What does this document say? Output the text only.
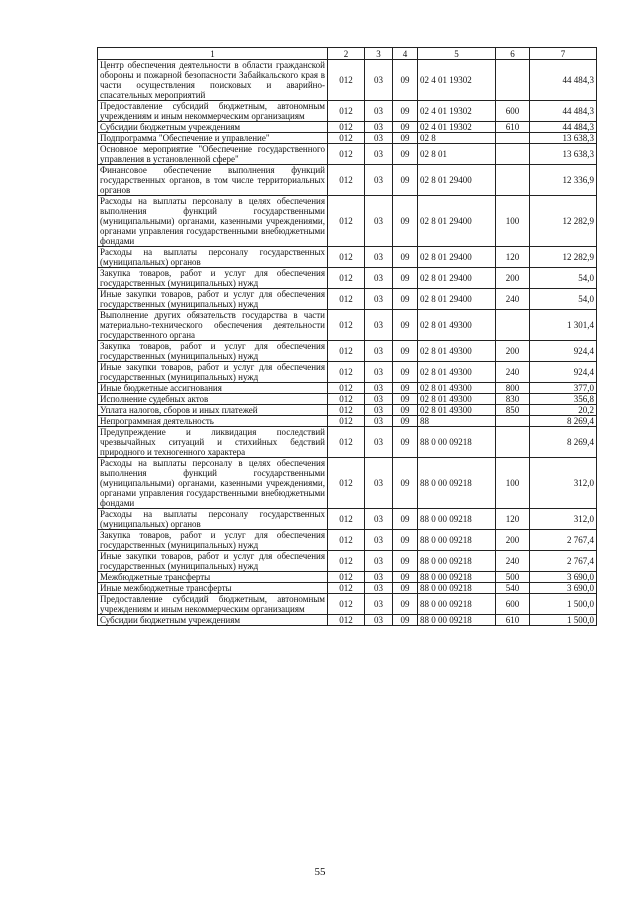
1	2	3	4	5	6	7
Центр обеспечения деятельности в области гражданской обороны и пожарной безопасности Забайкальского края в части осуществления поисковых и аварийно-спасательных мероприятий	012	03	09	02 4 01 19302		44 484,3
Предоставление субсидий бюджетным, автономным учреждениям и иным некоммерческим организациям	012	03	09	02 4 01 19302	600	44 484,3
Субсидии бюджетным учреждениям	012	03	09	02 4 01 19302	610	44 484,3
Подпрограмма "Обеспечение и управление"	012	03	09	02 8		13 638,3
Основное мероприятие "Обеспечение государственного управления в установленной сфере"	012	03	09	02 8 01		13 638,3
Финансовое обеспечение выполнения функций государственных органов, в том числе территориальных органов	012	03	09	02 8 01 29400		12 336,9
Расходы на выплаты персоналу в целях обеспечения выполнения функций государственными (муниципальными) органами, казенными учреждениями, органами управления государственными внебюджетными фондами	012	03	09	02 8 01 29400	100	12 282,9
Расходы на выплаты персоналу государственных (муниципальных) органов	012	03	09	02 8 01 29400	120	12 282,9
Закупка товаров, работ и услуг для обеспечения государственных (муниципальных) нужд	012	03	09	02 8 01 29400	200	54,0
Иные закупки товаров, работ и услуг для обеспечения государственных (муниципальных) нужд	012	03	09	02 8 01 29400	240	54,0
Выполнение других обязательств государства в части материально-технического обеспечения деятельности государственного органа	012	03	09	02 8 01 49300		1 301,4
Закупка товаров, работ и услуг для обеспечения государственных (муниципальных) нужд	012	03	09	02 8 01 49300	200	924,4
Иные закупки товаров, работ и услуг для обеспечения государственных (муниципальных) нужд	012	03	09	02 8 01 49300	240	924,4
Иные бюджетные ассигнования	012	03	09	02 8 01 49300	800	377,0
Исполнение судебных актов	012	03	09	02 8 01 49300	830	356,8
Уплата налогов, сборов и иных платежей	012	03	09	02 8 01 49300	850	20,2
Непрограммная деятельность	012	03	09	88		8 269,4
Предупреждение и ликвидация последствий чрезвычайных ситуаций и стихийных бедствий природного и техногенного характера	012	03	09	88 0 00 09218		8 269,4
Расходы на выплаты персоналу в целях обеспечения выполнения функций государственными (муниципальными) органами, казенными учреждениями, органами управления государственными внебюджетными фондами	012	03	09	88 0 00 09218	100	312,0
Расходы на выплаты персоналу государственных (муниципальных) органов	012	03	09	88 0 00 09218	120	312,0
Закупка товаров, работ и услуг для обеспечения государственных (муниципальных) нужд	012	03	09	88 0 00 09218	200	2 767,4
Иные закупки товаров, работ и услуг для обеспечения государственных (муниципальных) нужд	012	03	09	88 0 00 09218	240	2 767,4
Межбюджетные трансферты	012	03	09	88 0 00 09218	500	3 690,0
Иные межбюджетные трансферты	012	03	09	88 0 00 09218	540	3 690,0
Предоставление субсидий бюджетным, автономным учреждениям и иным некоммерческим организациям	012	03	09	88 0 00 09218	600	1 500,0
Субсидии бюджетным учреждениям	012	03	09	88 0 00 09218	610	1 500,0
55
